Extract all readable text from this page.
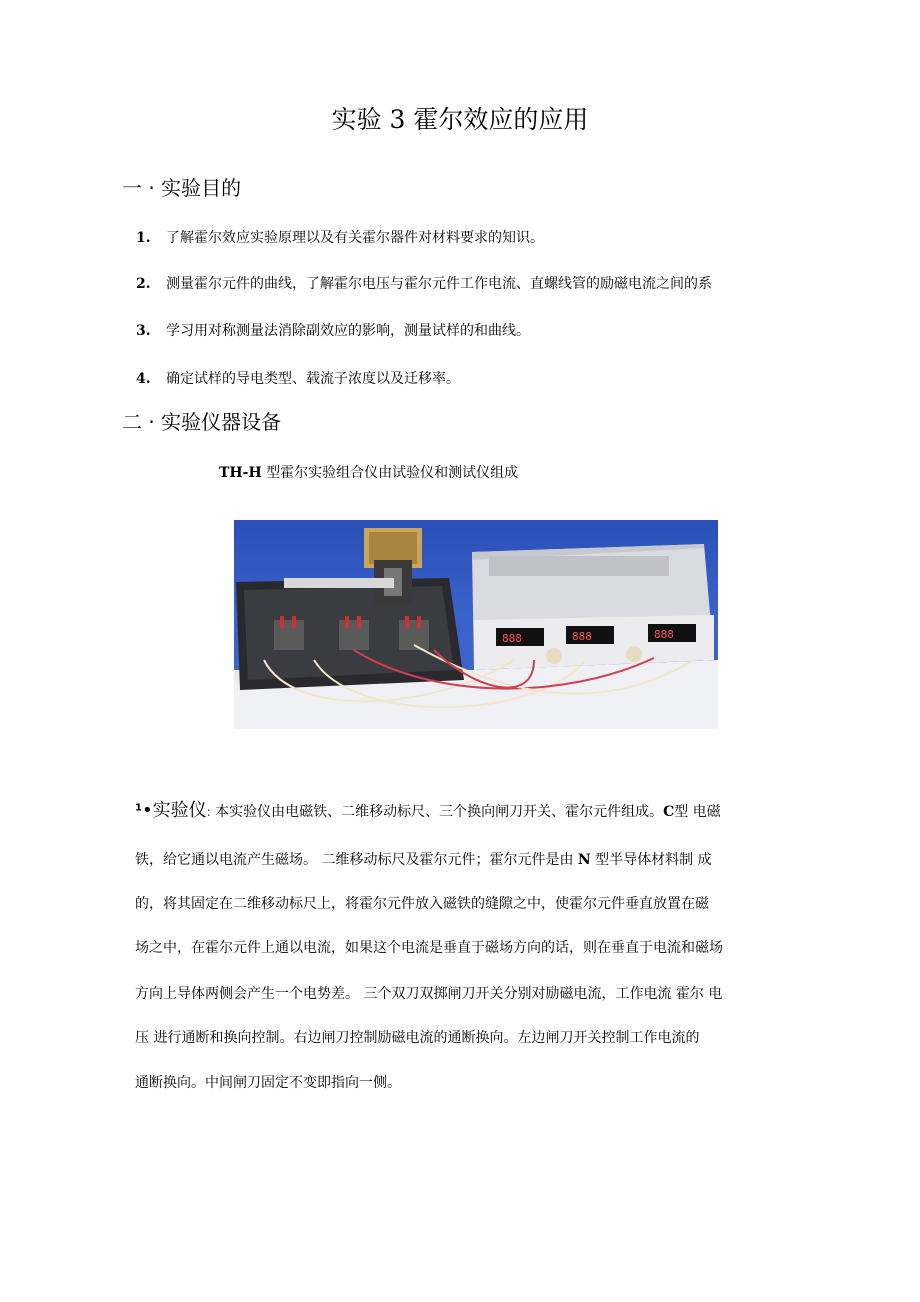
实验 3 霍尔效应的应用
一 · 实验目的
1. 了解霍尔效应实验原理以及有关霍尔器件对材料要求的知识。
2. 测量霍尔元件的曲线，了解霍尔电压与霍尔元件工作电流、直螺线管的励磁电流之间的系
3. 学习用对称测量法消除副效应的影响，测量试样的和曲线。
4. 确定试样的导电类型、载流子浓度以及迁移率。
二 · 实验仪器设备
TH-H 型霍尔实验组合仪由试验仪和测试仪组成
888	888	888
$^1$•实验仪: 本实验仪由电磁铁、二维移动标尺、三个换向闸刀开关、霍尔元件组成。C型 电磁
铁，给它通以电流产生磁场。 二维移动标尺及霍尔元件；霍尔元件是由 N 型半导体材料制 成
的，将其固定在二维移动标尺上，将霍尔元件放入磁铁的缝隙之中，使霍尔元件垂直放置在磁
场之中，在霍尔元件上通以电流，如果这个电流是垂直于磁场方向的话，则在垂直于电流和磁场
方向上导体两侧会产生一个电势差。 三个双刀双掷闸刀开关分别对励磁电流，工作电流 霍尔 电
压 进行通断和换向控制。右边闸刀控制励磁电流的通断换向。左边闸刀开关控制工作电流的
通断换向。中间闸刀固定不变即指向一侧。
